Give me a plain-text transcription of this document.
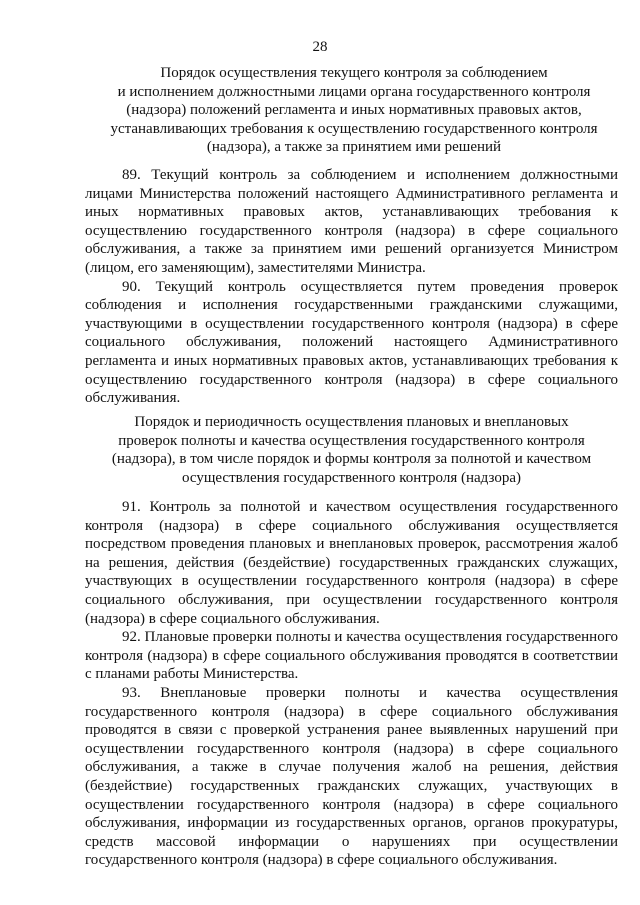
28
Порядок осуществления текущего контроля за соблюдением
и исполнением должностными лицами органа государственного контроля
(надзора) положений регламента и иных нормативных правовых актов,
устанавливающих требования к осуществлению государственного контроля
(надзора), а также за принятием ими решений

89. Текущий контроль за соблюдением и исполнением должностными лицами Министерства положений настоящего Административного регламента и иных нормативных правовых актов, устанавливающих требования к осуществлению государственного контроля (надзора) в сфере социального обслуживания, а также за принятием ими решений организуется Министром (лицом, его заменяющим), заместителями Министра.

90. Текущий контроль осуществляется путем проведения проверок соблюдения и исполнения государственными гражданскими служащими, участвующими в осуществлении государственного контроля (надзора) в сфере социального обслуживания, положений настоящего Административного регламента и иных нормативных правовых актов, устанавливающих требования к осуществлению государственного контроля (надзора) в сфере социального обслуживания.

Порядок и периодичность осуществления плановых и внеплановых
проверок полноты и качества осуществления государственного контроля
(надзора), в том числе порядок и формы контроля за полнотой и качеством
осуществления государственного контроля (надзора)

91. Контроль за полнотой и качеством осуществления государственного контроля (надзора) в сфере социального обслуживания осуществляется посредством проведения плановых и внеплановых проверок, рассмотрения жалоб на решения, действия (бездействие) государственных гражданских служащих, участвующих в осуществлении государственного контроля (надзора) в сфере социального обслуживания, при осуществлении государственного контроля (надзора) в сфере социального обслуживания.

92. Плановые проверки полноты и качества осуществления государственного контроля (надзора) в сфере социального обслуживания проводятся в соответствии с планами работы Министерства.

93. Внеплановые проверки полноты и качества осуществления государственного контроля (надзора) в сфере социального обслуживания проводятся в связи с проверкой устранения ранее выявленных нарушений при осуществлении государственного контроля (надзора) в сфере социального обслуживания, а также в случае получения жалоб на решения, действия (бездействие) государственных гражданских служащих, участвующих в осуществлении государственного контроля (надзора) в сфере социального обслуживания, информации из государственных органов, органов прокуратуры, средств массовой информации о нарушениях при осуществлении государственного контроля (надзора) в сфере социального обслуживания.
